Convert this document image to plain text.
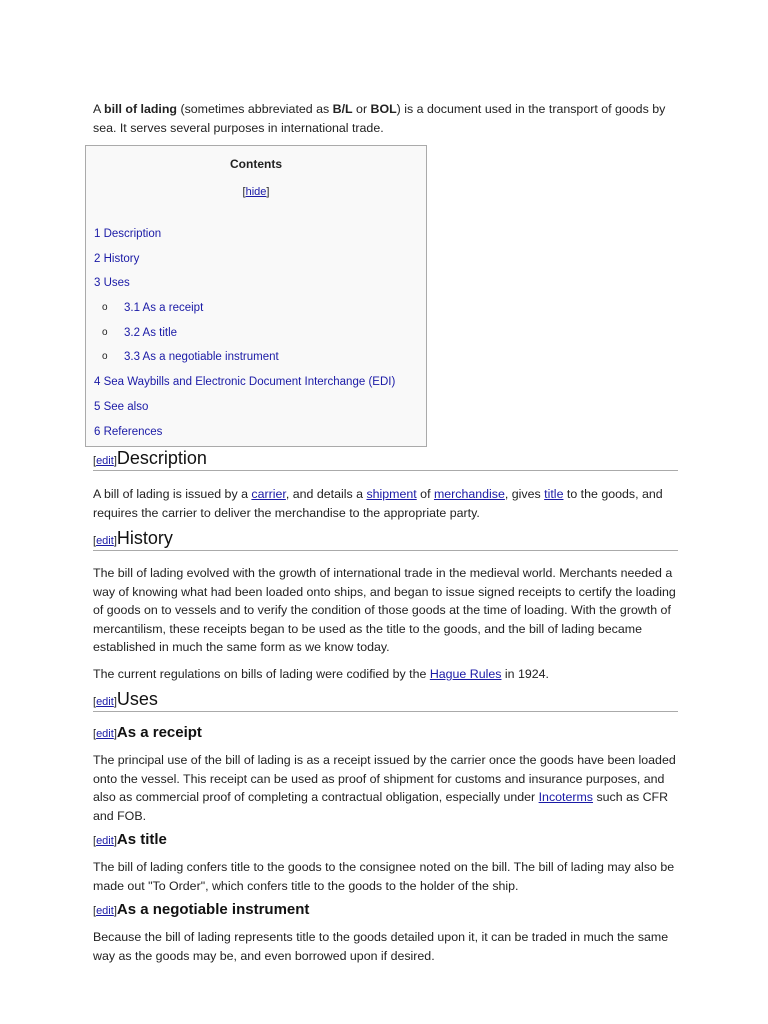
A bill of lading (sometimes abbreviated as B/L or BOL) is a document used in the transport of goods by sea. It serves several purposes in international trade.

Contents
[hide]
1 Description
2 History
3 Uses
o 3.1 As a receipt
o 3.2 As title
o 3.3 As a negotiable instrument
4 Sea Waybills and Electronic Document Interchange (EDI)
5 See also
6 References
[edit]Description

A bill of lading is issued by a carrier, and details a shipment of merchandise, gives title to the goods, and requires the carrier to deliver the merchandise to the appropriate party.

[edit]History

The bill of lading evolved with the growth of international trade in the medieval world. Merchants needed a way of knowing what had been loaded onto ships, and began to issue signed receipts to certify the loading of goods on to vessels and to verify the condition of those goods at the time of loading. With the growth of mercantilism, these receipts began to be used as the title to the goods, and the bill of lading became established in much the same form as we know today.

The current regulations on bills of lading were codified by the Hague Rules in 1924.

[edit]Uses
[edit]As a receipt

The principal use of the bill of lading is as a receipt issued by the carrier once the goods have been loaded onto the vessel. This receipt can be used as proof of shipment for customs and insurance purposes, and also as commercial proof of completing a contractual obligation, especially under Incoterms such as CFR and FOB.

[edit]As title

The bill of lading confers title to the goods to the consignee noted on the bill. The bill of lading may also be made out "To Order", which confers title to the goods to the holder of the ship.

[edit]As a negotiable instrument

Because the bill of lading represents title to the goods detailed upon it, it can be traded in much the same way as the goods may be, and even borrowed upon if desired.
